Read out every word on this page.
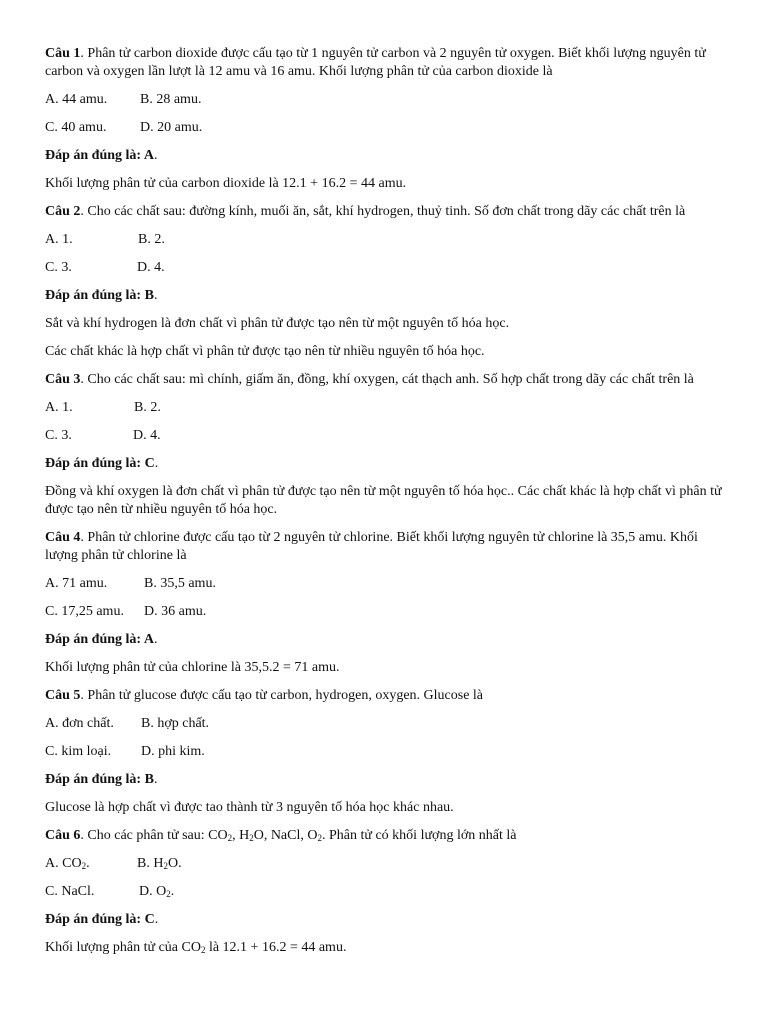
Câu 1. Phân tử carbon dioxide được cấu tạo từ 1 nguyên tử carbon và 2 nguyên tử oxygen. Biết khối lượng nguyên tử carbon và oxygen lần lượt là 12 amu và 16 amu. Khối lượng phân tử của carbon dioxide là

A. 44 amu.	B. 28 amu.
C. 40 amu.	D. 20 amu.

Đáp án đúng là: A.

Khối lượng phân tử của carbon dioxide là 12.1 + 16.2 = 44 amu.

Câu 2. Cho các chất sau: đường kính, muối ăn, sắt, khí hydrogen, thuỷ tinh. Số đơn chất trong dãy các chất trên là

A. 1.	B. 2.
C. 3.	D. 4.

Đáp án đúng là: B.

Sắt và khí hydrogen là đơn chất vì phân tử được tạo nên từ một nguyên tố hóa học.

Các chất khác là hợp chất vì phân tử được tạo nên từ nhiều nguyên tố hóa học.

Câu 3. Cho các chất sau: mì chính, giấm ăn, đồng, khí oxygen, cát thạch anh. Số hợp chất trong dãy các chất trên là

A. 1.	B. 2.
C. 3.	D. 4.

Đáp án đúng là: C.

Đồng và khí oxygen là đơn chất vì phân tử được tạo nên từ một nguyên tố hóa học.. Các chất khác là hợp chất vì phân tử được tạo nên từ nhiều nguyên tố hóa học.

Câu 4. Phân tử chlorine được cấu tạo từ 2 nguyên tử chlorine. Biết khối lượng nguyên tử chlorine là 35,5 amu. Khối lượng phân tử chlorine là

A. 71 amu.	B. 35,5 amu.
C. 17,25 amu.	D. 36 amu.

Đáp án đúng là: A.

Khối lượng phân tử của chlorine là 35,5.2 = 71 amu.

Câu 5. Phân tử glucose được cấu tạo từ carbon, hydrogen, oxygen. Glucose là

A. đơn chất.	B. hợp chất.
C. kim loại.	D. phi kim.

Đáp án đúng là: B.

Glucose là hợp chất vì được tao thành từ 3 nguyên tố hóa học khác nhau.

Câu 6. Cho các phân tử sau: $CO_2$, $H_2O$, NaCl, $O_2$. Phân tử có khối lượng lớn nhất là

A. $CO_2$.	B. $H_2O$.
C. NaCl.	D. $O_2$.

Đáp án đúng là: C.

Khối lượng phân tử của $CO_2$ là 12.1 + 16.2 = 44 amu.
